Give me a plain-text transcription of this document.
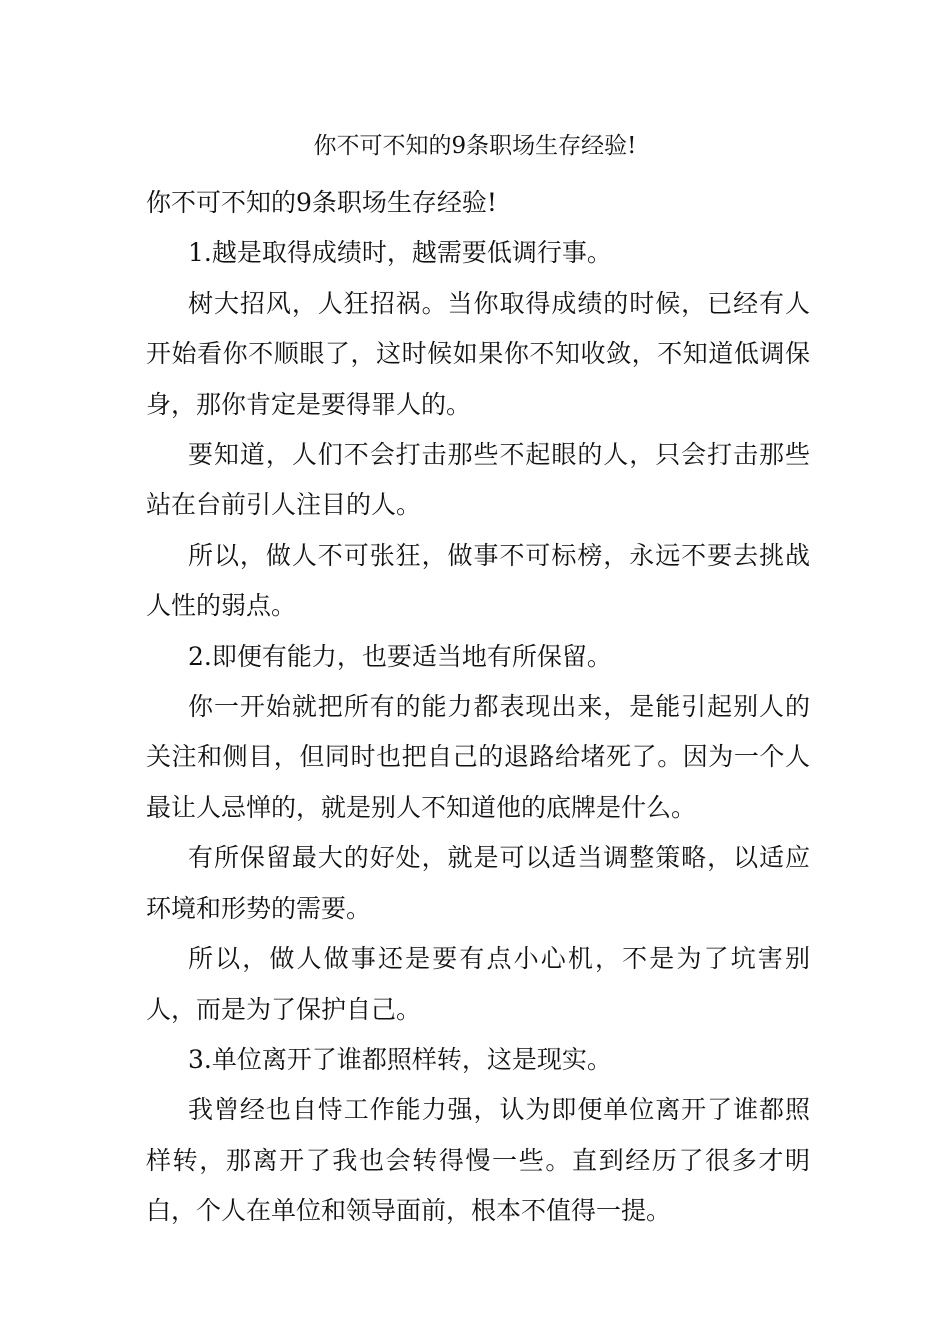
你不可不知的9条职场生存经验!

你不可不知的9条职场生存经验!

1.越是取得成绩时，越需要低调行事。

树大招风，人狂招祸。当你取得成绩的时候，已经有人开始看你不顺眼了，这时候如果你不知收敛，不知道低调保身，那你肯定是要得罪人的。

要知道，人们不会打击那些不起眼的人，只会打击那些站在台前引人注目的人。

所以，做人不可张狂，做事不可标榜，永远不要去挑战人性的弱点。

2.即便有能力，也要适当地有所保留。

你一开始就把所有的能力都表现出来，是能引起别人的关注和侧目，但同时也把自己的退路给堵死了。因为一个人最让人忌惮的，就是别人不知道他的底牌是什么。

有所保留最大的好处，就是可以适当调整策略，以适应环境和形势的需要。

所以，做人做事还是要有点小心机，不是为了坑害别人，而是为了保护自己。

3.单位离开了谁都照样转，这是现实。

我曾经也自恃工作能力强，认为即便单位离开了谁都照样转，那离开了我也会转得慢一些。直到经历了很多才明白，个人在单位和领导面前，根本不值得一提。
